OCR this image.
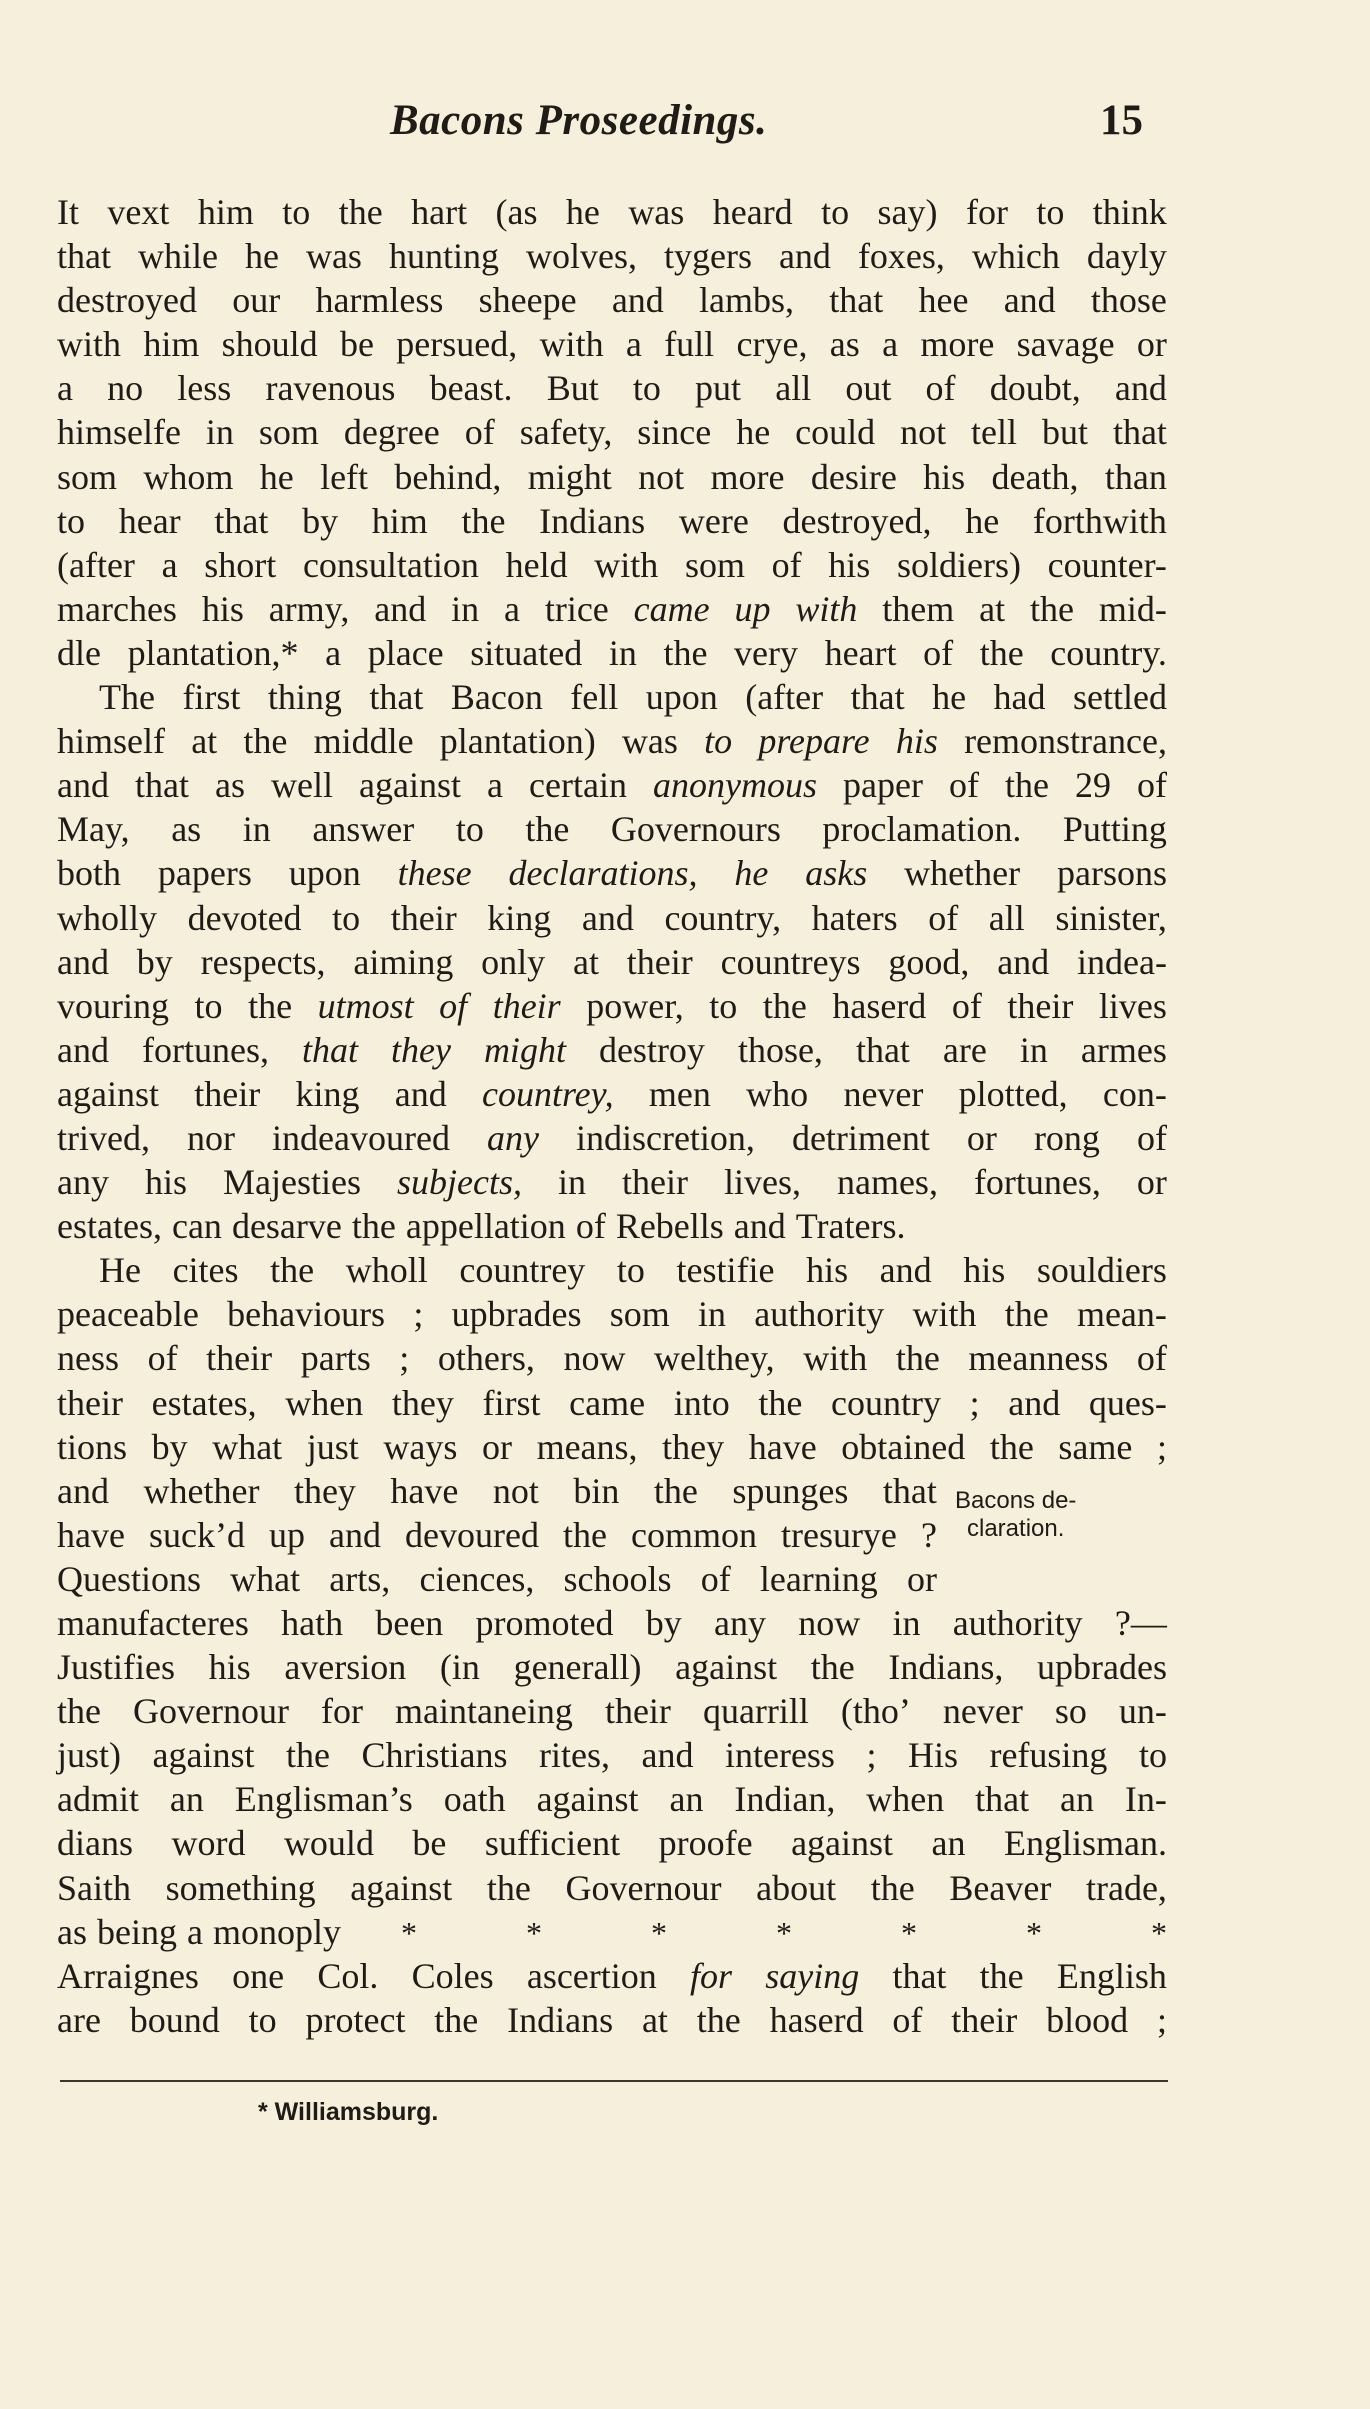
Bacons Proseedings.	15
It vext him to the hart (as he was heard to say) for to think
that while he was hunting wolves, tygers and foxes, which dayly
destroyed our harmless sheepe and lambs, that hee and those
with him should be persued, with a full crye, as a more savage or
a no less ravenous beast. But to put all out of doubt, and
himselfe in som degree of safety, since he could not tell but that
som whom he left behind, might not more desire his death, than
to hear that by him the Indians were destroyed, he forthwith
(after a short consultation held with som of his soldiers) counter-
marches his army, and in a trice came up with them at the mid-
dle plantation,* a place situated in the very heart of the country.
The first thing that Bacon fell upon (after that he had settled
himself at the middle plantation) was to prepare his remonstrance,
and that as well against a certain anonymous paper of the 29 of
May, as in answer to the Governours proclamation. Putting
both papers upon these declarations, he asks whether parsons
wholly devoted to their king and country, haters of all sinister,
and by respects, aiming only at their countreys good, and indea-
vouring to the utmost of their power, to the haserd of their lives
and fortunes, that they might destroy those, that are in armes
against their king and countrey, men who never plotted, con-
trived, nor indeavoured any indiscretion, detriment or rong of
any his Majesties subjects, in their lives, names, fortunes, or
estates, can desarve the appellation of Rebells and Traters.
He cites the wholl countrey to testifie his and his souldiers
peaceable behaviours ; upbrades som in authority with the mean-
ness of their parts ; others, now welthey, with the meanness of
their estates, when they first came into the country ; and ques-
tions by what just ways or means, they have obtained the same ;
and whether they have not bin the spunges that
have suck’d up and devoured the common tresurye ?
Questions what arts, ciences, schools of learning or
manufacteres hath been promoted by any now in authority ?—
Justifies his aversion (in generall) against the Indians, upbrades
the Governour for maintaneing their quarrill (tho’ never so un-
just) against the Christians rites, and interess ; His refusing to
admit an Englisman’s oath against an Indian, when that an In-
dians word would be sufficient proofe against an Englisman.
Saith something against the Governour about the Beaver trade,
as being a monoply *	*	*	*	*	*	*
Arraignes one Col. Coles ascertion for saying that the English
are bound to protect the Indians at the haserd of their blood ;
Bacons de-
claration.
* Williamsburg.
